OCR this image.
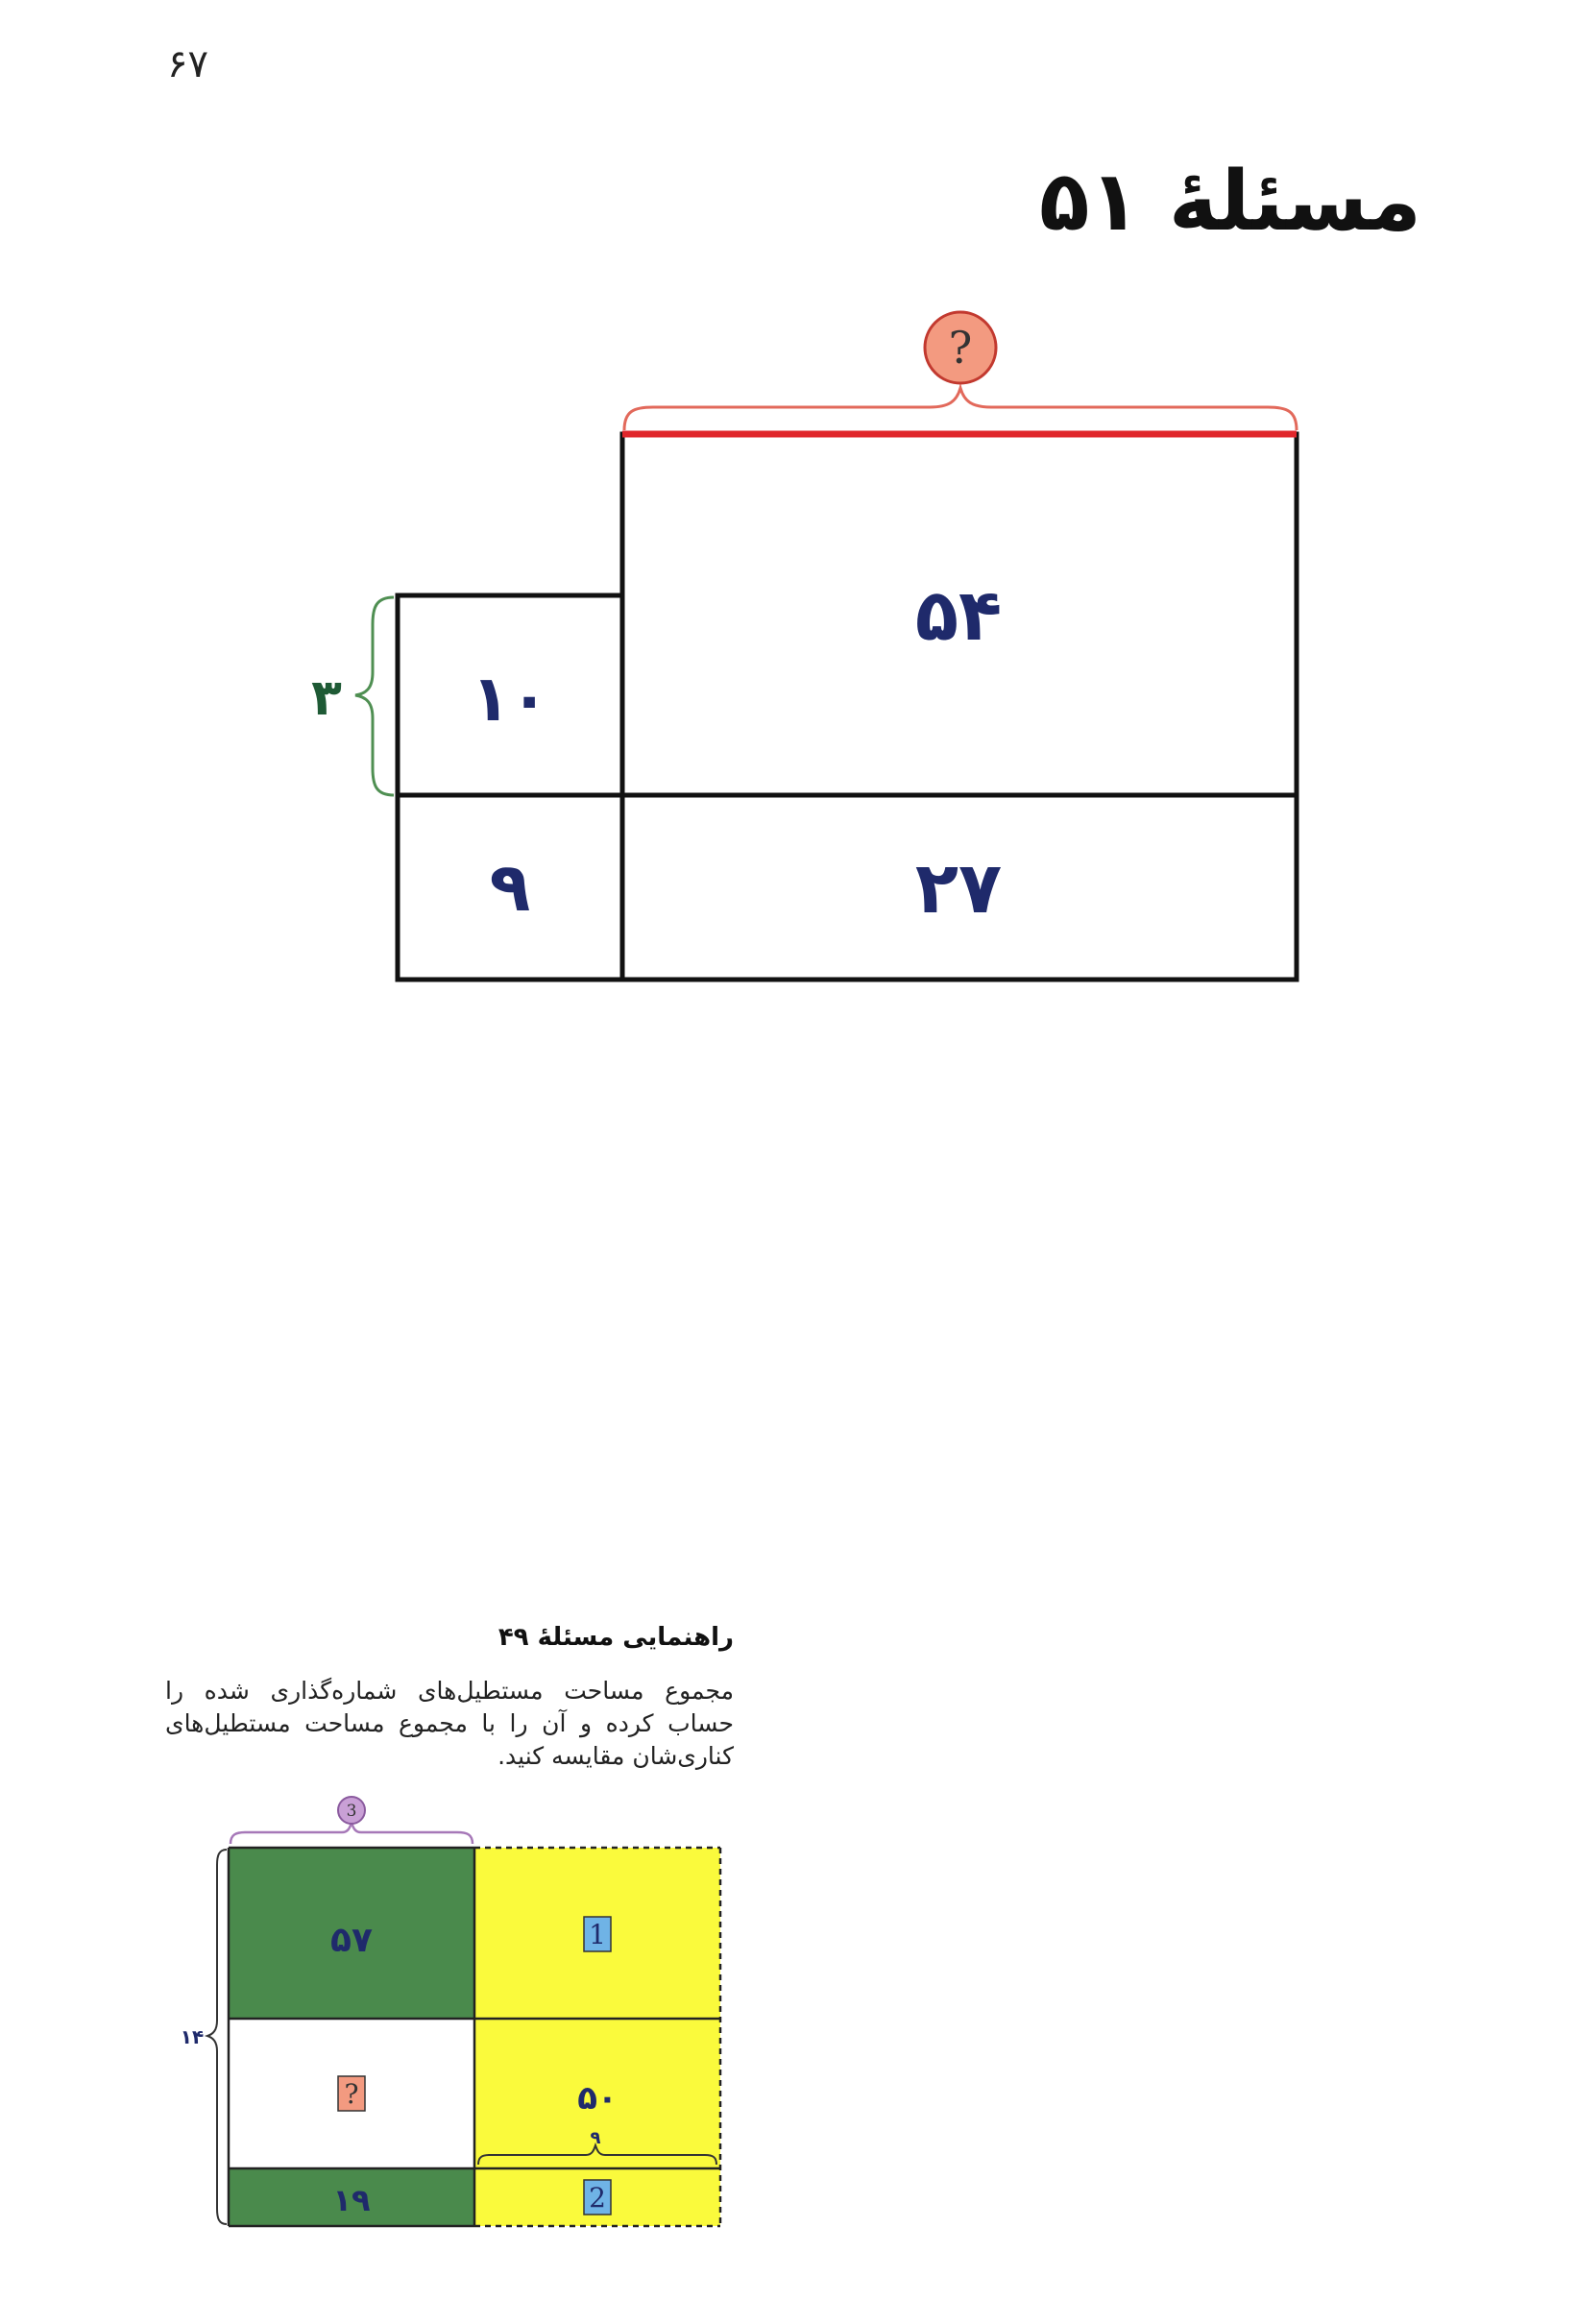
۶۷
مسئلهٔ ۵۱
?
۳
۵۴
۱۰
۹	۲۷
3
۱۴
۹
۵۷	1
?	۵۰
۱۹	2
راهنمایی مسئلهٔ ۴۹
مجموع مساحت مستطیل‌های شماره‌گذاری شده را حساب کرده و آن را با مجموع مساحت مستطیل‌های کناری‌شان مقایسه کنید.
